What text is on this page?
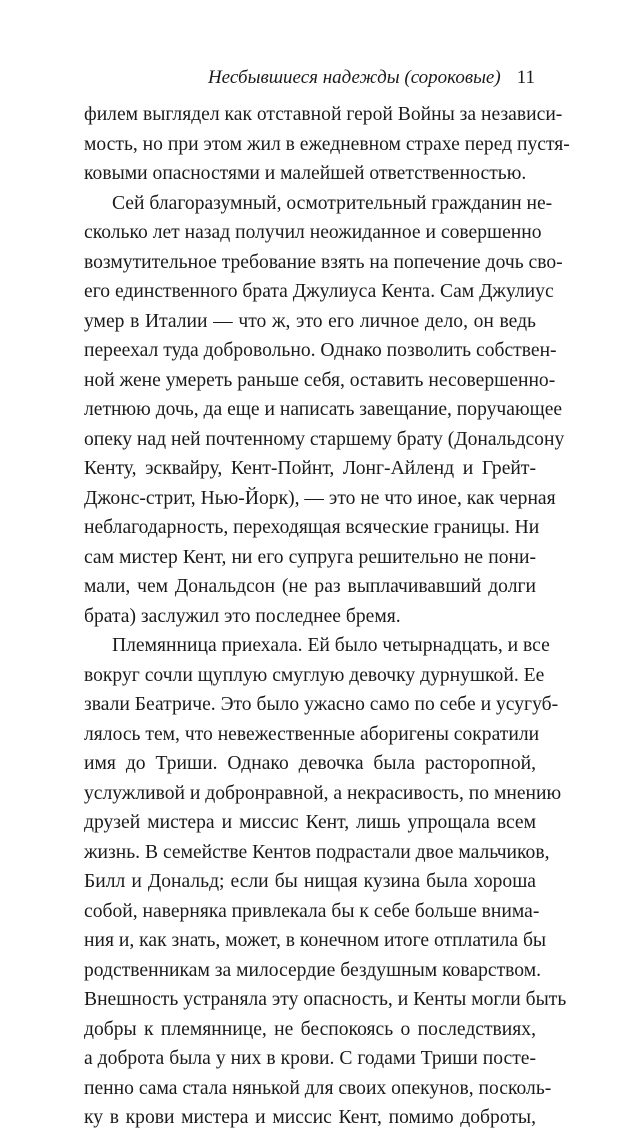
Несбывшиеся надежды (сороковые) 11
филем выглядел как отставной герой Войны за независи-
мость, но при этом жил в ежедневном страхе перед пустя-
ковыми опасностями и малейшей ответственностью.
Сей благоразумный, осмотрительный гражданин не-
сколько лет назад получил неожиданное и совершенно
возмутительное требование взять на попечение дочь сво-
его единственного брата Джулиуса Кента. Сам Джулиус
умер в Италии — что ж, это его личное дело, он ведь
переехал туда добровольно. Однако позволить собствен-
ной жене умереть раньше себя, оставить несовершенно-
летнюю дочь, да еще и написать завещание, поручающее
опеку над ней почтенному старшему брату (Дональдсону
Кенту, эсквайру, Кент-Пойнт, Лонг-Айленд и Грейт-
Джонс-стрит, Нью-Йорк), — это не что иное, как черная
неблагодарность, переходящая всяческие границы. Ни
сам мистер Кент, ни его супруга решительно не пони-
мали, чем Дональдсон (не раз выплачивавший долги
брата) заслужил это последнее бремя.
Племянница приехала. Ей было четырнадцать, и все
вокруг сочли щуплую смуглую девочку дурнушкой. Ее
звали Беатриче. Это было ужасно само по себе и усугуб-
лялось тем, что невежественные аборигены сократили
имя до Триши. Однако девочка была расторопной,
услужливой и добронравной, а некрасивость, по мнению
друзей мистера и миссис Кент, лишь упрощала всем
жизнь. В семействе Кентов подрастали двое мальчиков,
Билл и Дональд; если бы нищая кузина была хороша
собой, наверняка привлекала бы к себе больше внима-
ния и, как знать, может, в конечном итоге отплатила бы
родственникам за милосердие бездушным коварством.
Внешность устраняла эту опасность, и Кенты могли быть
добры к племяннице, не беспокоясь о последствиях,
а доброта была у них в крови. С годами Триши посте-
пенно сама стала нянькой для своих опекунов, посколь-
ку в крови мистера и миссис Кент, помимо доброты,
